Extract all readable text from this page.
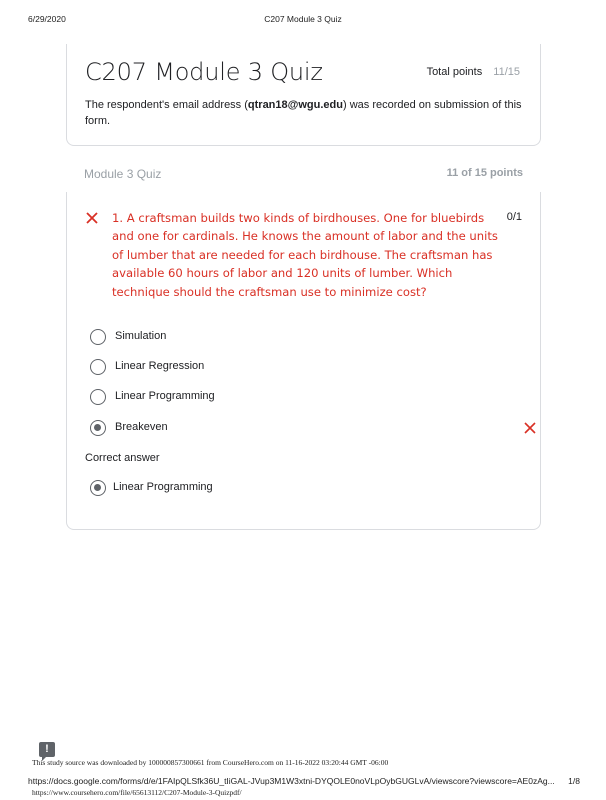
6/29/2020	C207 Module 3 Quiz
C207 Module 3 Quiz	Total points 11/15
The respondent's email address (qtran18@wgu.edu) was recorded on submission of this form.
Module 3 Quiz	11 of 15 points
1. A craftsman builds two kinds of birdhouses. One for bluebirds and one for cardinals. He knows the amount of labor and the units of lumber that are needed for each birdhouse. The craftsman has available 60 hours of labor and 120 units of lumber. Which technique should the craftsman use to minimize cost?
0/1
Simulation
Linear Regression
Linear Programming
Breakeven
Correct answer
Linear Programming
!
This study source was downloaded by 100000857300661 from CourseHero.com on 11-16-2022 03:20:44 GMT -06:00
https://docs.google.com/forms/d/e/1FAIpQLSfk36U_tIiGAL-JVup3M1W3xtni-DYQOLE0noVLpOybGUGLvA/viewscore?viewscore=AE0zAg...	1/8
https://www.coursehero.com/file/65613112/C207-Module-3-Quizpdf/
